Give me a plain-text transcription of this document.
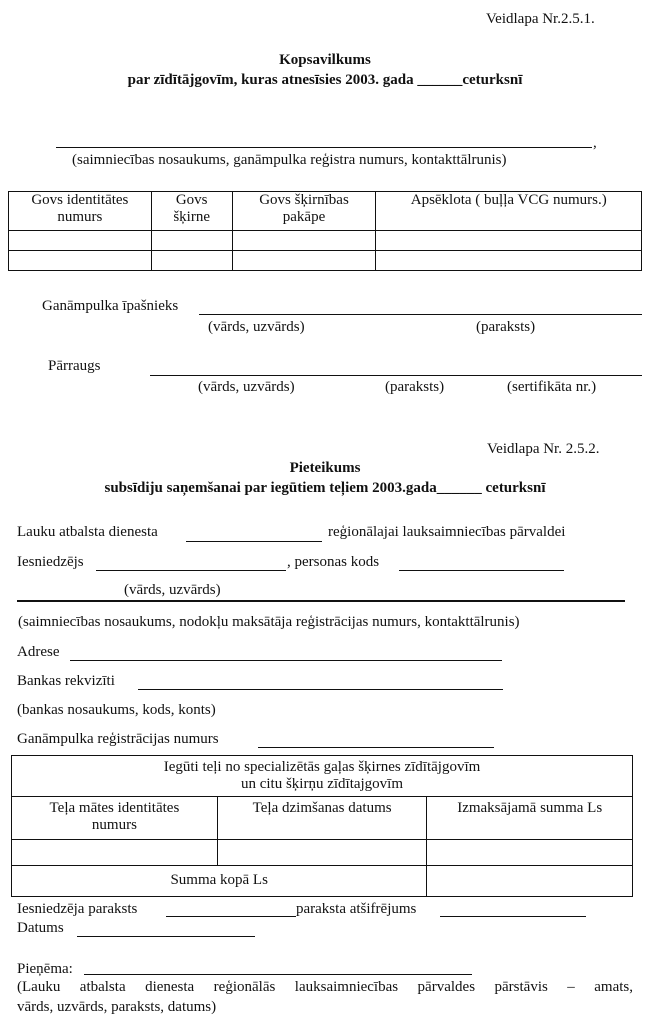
Veidlapa Nr.2.5.1.
Kopsavilkums
par zīdītājgovīm, kuras atnesīsies 2003. gada ______ceturksnī
,
(saimniecības nosaukums, ganāmpulka reģistra numurs, kontakttālrunis)
Govs identitātes numurs	Govs šķirne	Govs šķirnības pakāpe	Apsēklota ( buļļa VCG numurs.)

Ganāmpulka īpašnieks
(vārds, uzvārds)	(paraksts)
Pārraugs
(vārds, uzvārds)	(paraksts)	(sertifikāta nr.)
Veidlapa Nr. 2.5.2.
Pieteikums
subsīdiju saņemšanai par iegūtiem teļiem 2003.gada______ ceturksnī
Lauku atbalsta dienesta	reģionālajai lauksaimniecības pārvaldei
Iesniedzējs	, personas kods
(vārds, uzvārds)
(saimniecības nosaukums, nodokļu maksātāja reģistrācijas numurs, kontakttālrunis)
Adrese
Bankas rekvizīti
(bankas nosaukums, kods, konts)
Ganāmpulka reģistrācijas numurs
Iegūti teļi no specializētās gaļas šķirnes zīdītājgovīm
un citu šķirņu zīdītajgovīm		

Teļa mātes identitātes numurs	Teļa dzimšanas datums	Izmaksājamā summa Ls

Summa kopā Ls		

Iesniedzēja paraksts	paraksta atšifrējums
Datums
Pieņēma:
(Lauku atbalsta dienesta reģionālās lauksaimniecības pārvaldes pārstāvis – amats,
vārds, uzvārds, paraksts, datums)
